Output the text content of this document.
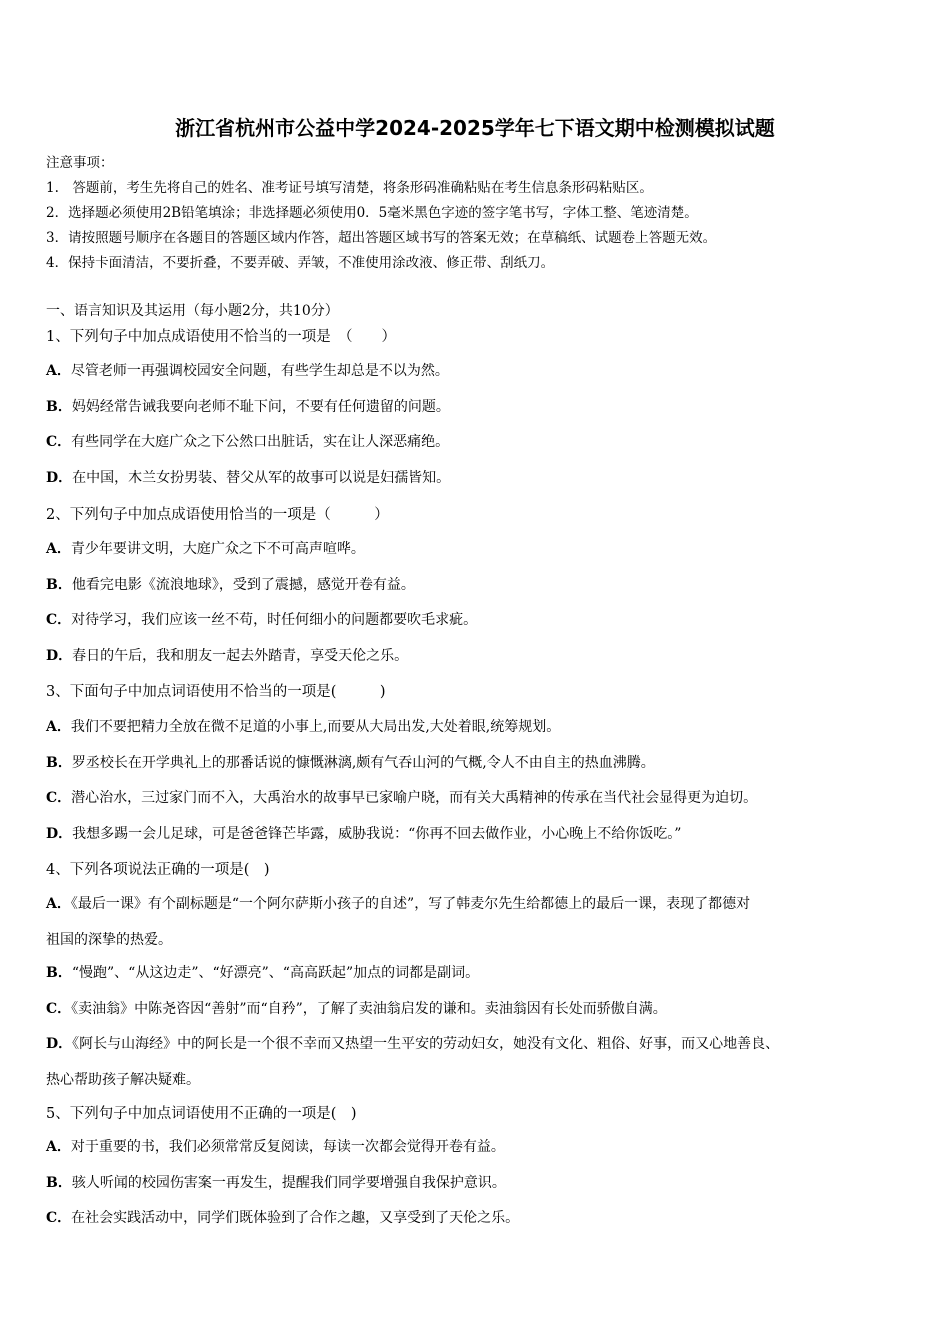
浙江省杭州市公益中学2024-2025学年七下语文期中检测模拟试题
注意事项：
1.　答题前，考生先将自己的姓名、准考证号填写清楚，将条形码准确粘贴在考生信息条形码粘贴区。
2．选择题必须使用2B铅笔填涂；非选择题必须使用0．5毫米黑色字迹的签字笔书写，字体工整、笔迹清楚。
3．请按照题号顺序在各题目的答题区域内作答，超出答题区域书写的答案无效；在草稿纸、试题卷上答题无效。
4．保持卡面清洁，不要折叠，不要弄破、弄皱，不准使用涂改液、修正带、刮纸刀。
一、语言知识及其运用（每小题2分，共10分）
1、下列句子中加点成语使用不恰当的一项是　（　　）
A．尽管老师一再强调校园安全问题，有些学生却总是不以为然。
B．妈妈经常告诫我要向老师不耻下问，不要有任何遗留的问题。
C．有些同学在大庭广众之下公然口出脏话，实在让人深恶痛绝。
D．在中国，木兰女扮男装、替父从军的故事可以说是妇孺皆知。
2、下列句子中加点成语使用恰当的一项是（　　　）
A．青少年要讲文明，大庭广众之下不可高声喧哗。
B．他看完电影《流浪地球》，受到了震撼，感觉开卷有益。
C．对待学习，我们应该一丝不苟，时任何细小的问题都要吹毛求疵。
D．春日的午后，我和朋友一起去外踏青，享受天伦之乐。
3、下面句子中加点词语使用不恰当的一项是(　　　)
A．我们不要把精力全放在微不足道的小事上,而要从大局出发,大处着眼,统筹规划。
B．罗丞校长在开学典礼上的那番话说的慷慨淋漓,颇有气吞山河的气概,令人不由自主的热血沸腾。
C．潜心治水，三过家门而不入，大禹治水的故事早已家喻户晓，而有关大禹精神的传承在当代社会显得更为迫切。
D．我想多踢一会儿足球，可是爸爸锋芒毕露，威胁我说：“你再不回去做作业，小心晚上不给你饭吃。”
4、下列各项说法正确的一项是(　)
A．《最后一课》有个副标题是“一个阿尔萨斯小孩子的自述”，写了韩麦尔先生给都德上的最后一课，表现了都德对
祖国的深挚的热爱。
B．“慢跑”、“从这边走”、“好漂亮”、“高高跃起”加点的词都是副词。
C．《卖油翁》中陈尧咨因“善射”而“自矜”，了解了卖油翁启发的谦和。卖油翁因有长处而骄傲自满。
D．《阿长与山海经》中的阿长是一个很不幸而又热望一生平安的劳动妇女，她没有文化、粗俗、好事，而又心地善良、
热心帮助孩子解决疑难。
5、下列句子中加点词语使用不正确的一项是(　)
A．对于重要的书，我们必须常常反复阅读，每读一次都会觉得开卷有益。
B．骇人听闻的校园伤害案一再发生，提醒我们同学要增强自我保护意识。
C．在社会实践活动中，同学们既体验到了合作之趣，又享受到了天伦之乐。
